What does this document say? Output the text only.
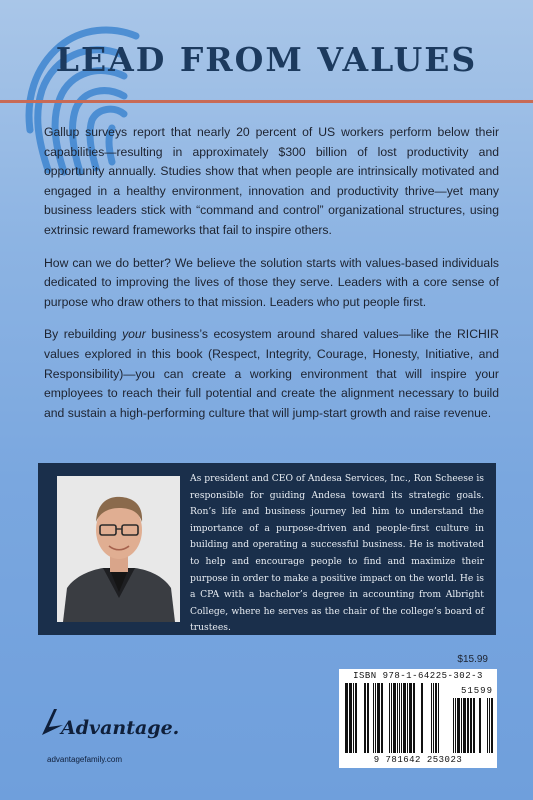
LEAD FROM VALUES

Gallup surveys report that nearly 20 percent of US workers perform below their capabilities—resulting in approximately $300 billion of lost productivity and opportunity annually. Studies show that when people are intrinsically motivated and engaged in a healthy environment, innovation and productivity thrive—yet many business leaders stick with “command and control” organizational structures, using extrinsic reward frameworks that fail to inspire others.

How can we do better? We believe the solution starts with values-based individuals dedicated to improving the lives of those they serve. Leaders with a core sense of purpose who draw others to that mission. Leaders who put people first.

By rebuilding your business’s ecosystem around shared values—like the RICHIR values explored in this book (Respect, Integrity, Courage, Honesty, Initiative, and Responsibility)—you can create a working environment that will inspire your employees to reach their full potential and create the alignment necessary to build and sustain a high-performing culture that will jump-start growth and raise revenue.

As president and CEO of Andesa Services, Inc., Ron Scheese is responsible for guiding Andesa toward its strategic goals. Ron’s life and business journey led him to understand the importance of a purpose-driven and people-first culture in building and operating a successful business. He is motivated to help and encourage people to find and maximize their purpose in order to make a positive impact on the world. He is a CPA with a bachelor’s degree in accounting from Albright College, where he serves as the chair of the college’s board of trustees.

$15.99
ISBN 978-1-64225-302-3
51599
9 781642 253023
Advantage.
advantagefamily.com
